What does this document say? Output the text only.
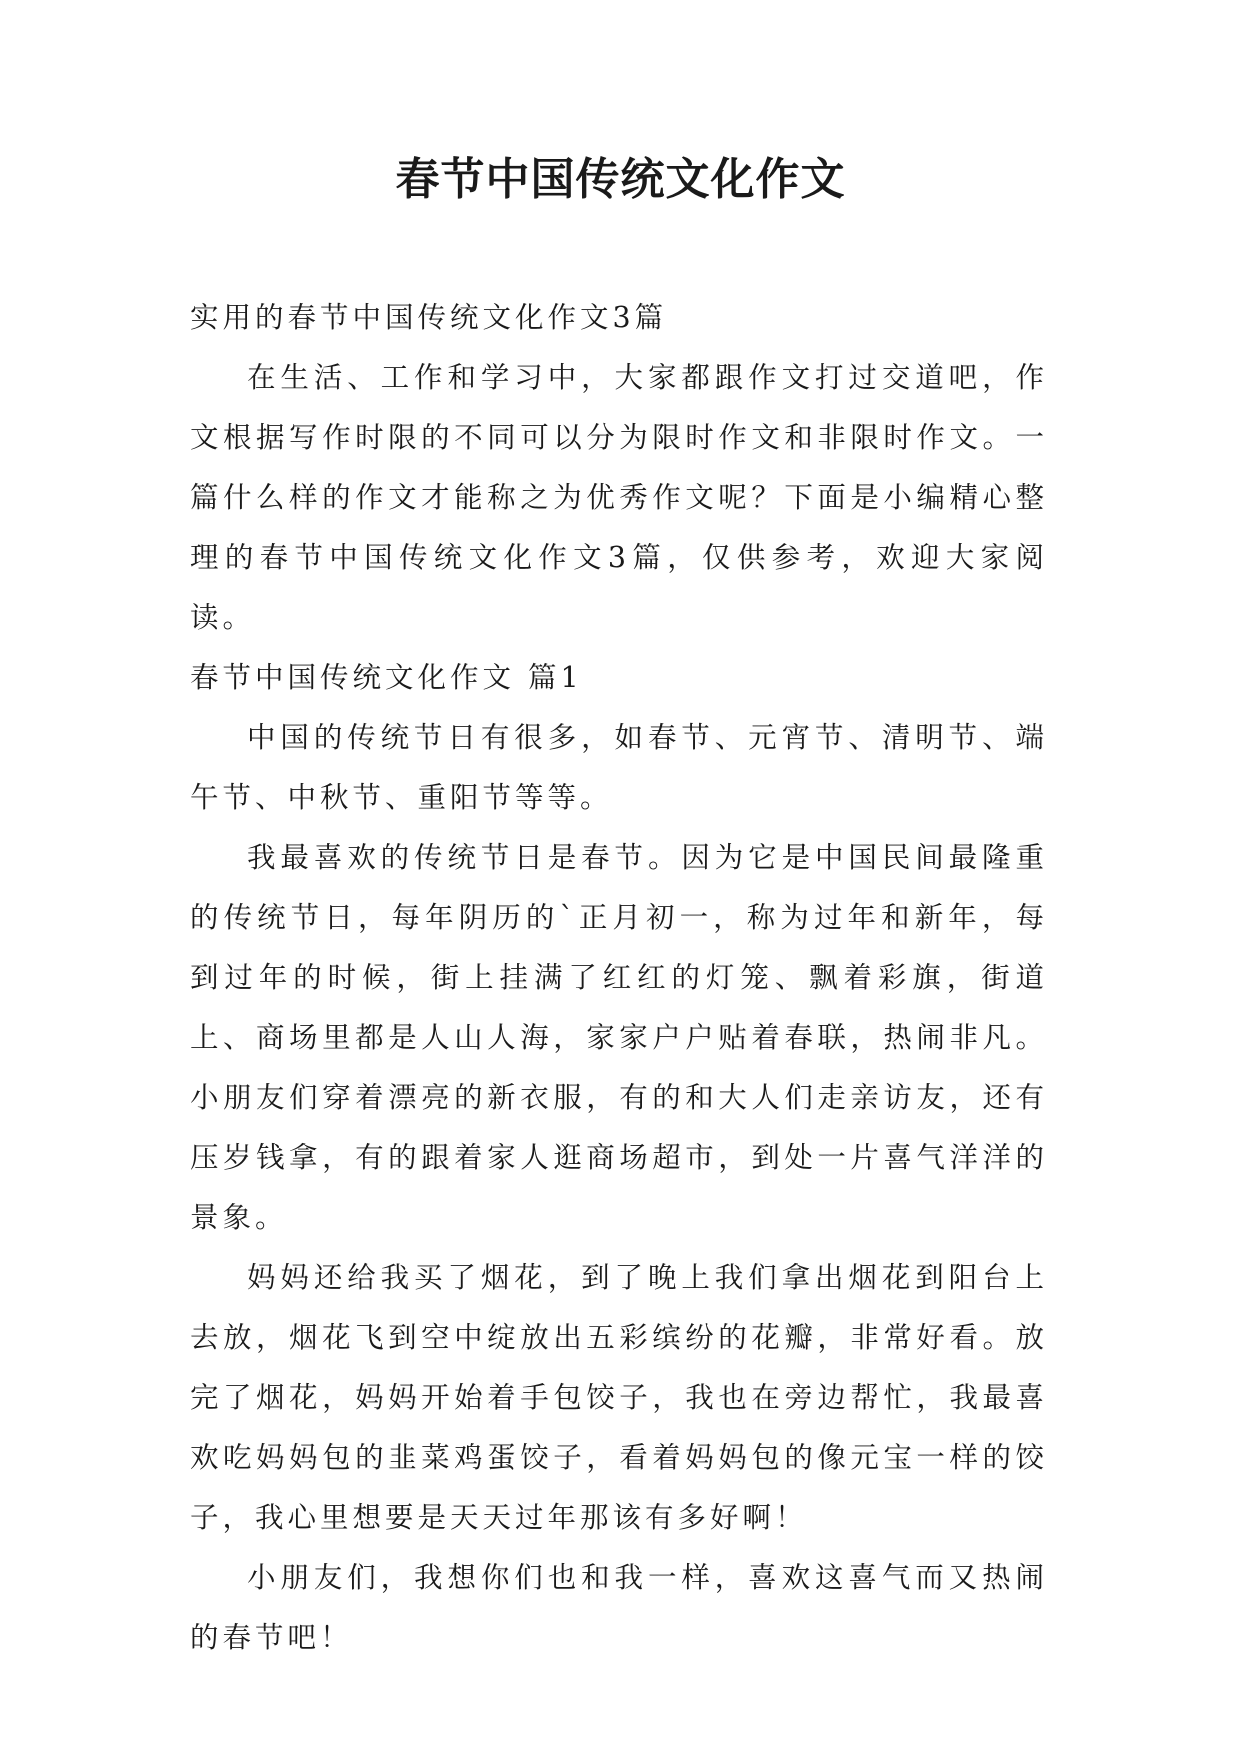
春节中国传统文化作文
实用的春节中国传统文化作文3篇

在生活、工作和学习中，大家都跟作文打过交道吧，作文根据写作时限的不同可以分为限时作文和非限时作文。一篇什么样的作文才能称之为优秀作文呢？下面是小编精心整理的春节中国传统文化作文3篇，仅供参考，欢迎大家阅读。

春节中国传统文化作文 篇1

中国的传统节日有很多，如春节、元宵节、清明节、端午节、中秋节、重阳节等等。

我最喜欢的传统节日是春节。因为它是中国民间最隆重的传统节日，每年阴历的`正月初一，称为过年和新年，每到过年的时候，街上挂满了红红的灯笼、飘着彩旗，街道上、商场里都是人山人海，家家户户贴着春联，热闹非凡。小朋友们穿着漂亮的新衣服，有的和大人们走亲访友，还有压岁钱拿，有的跟着家人逛商场超市，到处一片喜气洋洋的景象。

妈妈还给我买了烟花，到了晚上我们拿出烟花到阳台上去放，烟花飞到空中绽放出五彩缤纷的花瓣，非常好看。放完了烟花，妈妈开始着手包饺子，我也在旁边帮忙，我最喜欢吃妈妈包的韭菜鸡蛋饺子，看着妈妈包的像元宝一样的饺子，我心里想要是天天过年那该有多好啊！

小朋友们，我想你们也和我一样，喜欢这喜气而又热闹的春节吧！
